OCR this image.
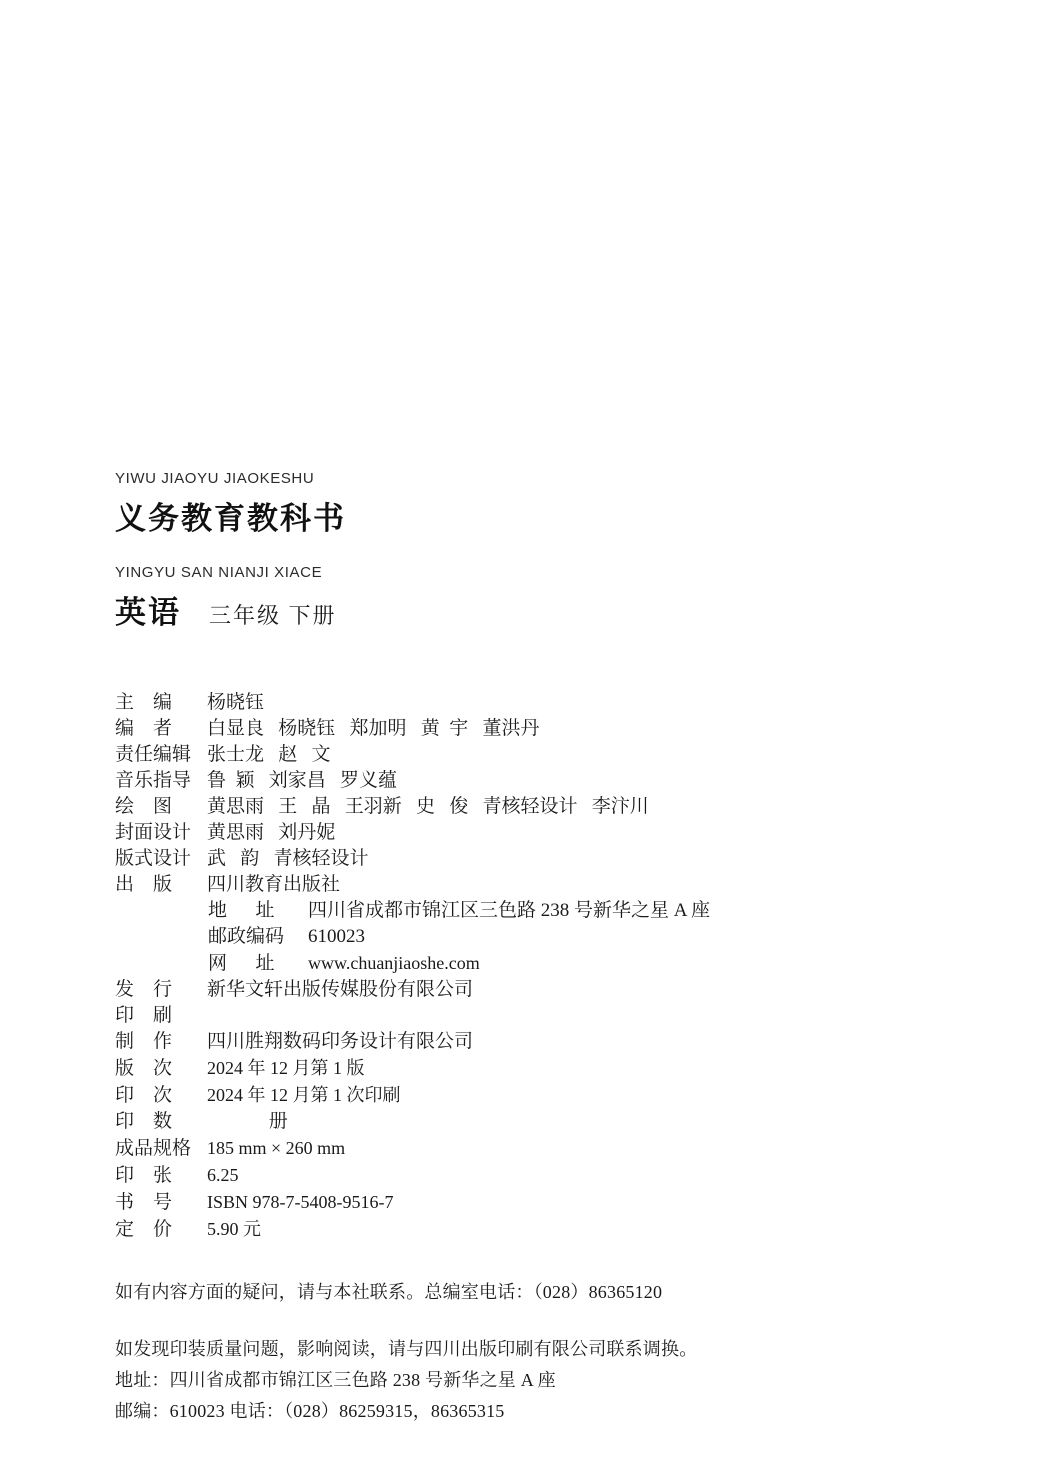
YIWU JIAOYU JIAOKESHU
义务教育教科书
YINGYU SAN NIANJI XIACE
英语 三年级 下册
主    编	杨晓钰
编    者	白显良   杨晓钰   郑加明   黄  宇   董洪丹
责任编辑 张士龙   赵   文
音乐指导 鲁  颖   刘家昌   罗义蕴
绘    图	黄思雨   王   晶   王羽新   史   俊   青核轻设计   李汴川
封面设计 黄思雨   刘丹妮
版式设计 武   韵   青核轻设计
出    版	四川教育出版社
地      址	四川省成都市锦江区三色路 238 号新华之星 A 座
邮政编码	610023
网      址	www.chuanjiaoshe.com
发    行	新华文轩出版传媒股份有限公司
印    刷
制    作	四川胜翔数码印务设计有限公司
版    次	2024 年 12 月第 1 版
印    次	2024 年 12 月第 1 次印刷
印    数	册
成品规格 185 mm × 260 mm
印    张	6.25
书    号	ISBN 978-7-5408-9516-7
定    价	5.90 元
如有内容方面的疑问，请与本社联系。总编室电话：（028）86365120
如发现印装质量问题，影响阅读，请与四川出版印刷有限公司联系调换。
地址：四川省成都市锦江区三色路 238 号新华之星 A 座
邮编：610023 电话：（028）86259315，86365315
